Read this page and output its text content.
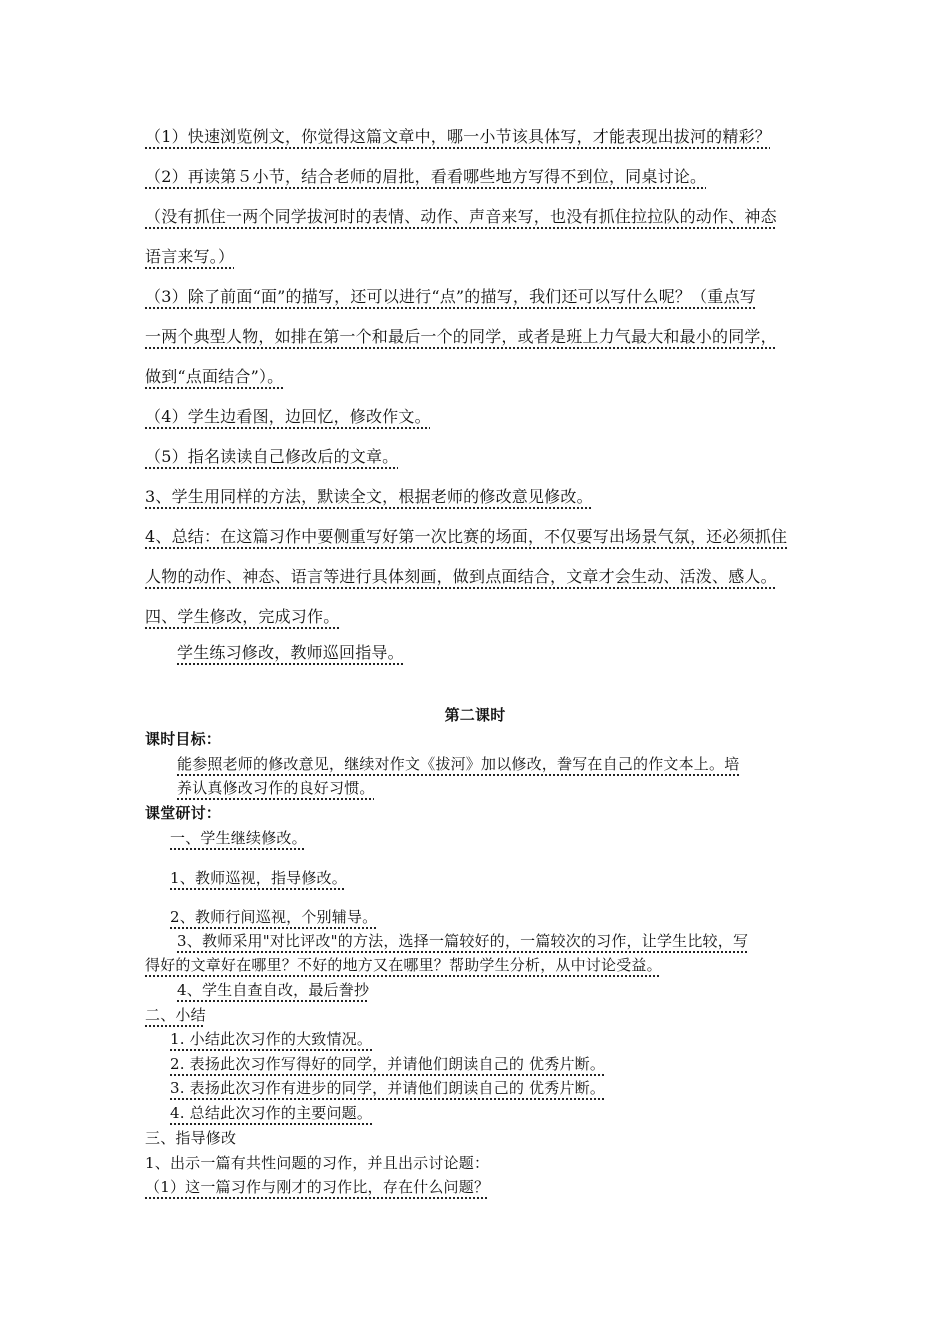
（1）快速浏览例文，你觉得这篇文章中，哪一小节该具体写，才能表现出拔河的精彩？
（2）再读第５小节，结合老师的眉批，看看哪些地方写得不到位，同桌讨论。
（没有抓住一两个同学拔河时的表情、动作、声音来写，也没有抓住拉拉队的动作、神态
语言来写。）
（3）除了前面“面”的描写，还可以进行“点”的描写，我们还可以写什么呢？（重点写
一两个典型人物，如排在第一个和最后一个的同学，或者是班上力气最大和最小的同学，
做到“点面结合”）。
（4）学生边看图，边回忆，修改作文。
（5）指名读读自己修改后的文章。
3、学生用同样的方法，默读全文，根据老师的修改意见修改。
4、总结：在这篇习作中要侧重写好第一次比赛的场面，不仅要写出场景气氛，还必须抓住
人物的动作、神态、语言等进行具体刻画，做到点面结合，文章才会生动、活泼、感人。
四、学生修改，完成习作。
学生练习修改，教师巡回指导。
第二课时
课时目标：
能参照老师的修改意见，继续对作文《拔河》加以修改，誊写在自己的作文本上。培
养认真修改习作的良好习惯。
课堂研讨：
一、学生继续修改。
1、教师巡视，指导修改。
2、教师行间巡视，个别辅导。
3、教师采用"对比评改"的方法，选择一篇较好的，一篇较次的习作，让学生比较，写
得好的文章好在哪里？不好的地方又在哪里？帮助学生分析，从中讨论受益。
4、学生自查自改，最后誊抄
二、小结
1. 小结此次习作的大致情况。
2. 表扬此次习作写得好的同学，并请他们朗读自己的 优秀片断。
3. 表扬此次习作有进步的同学，并请他们朗读自己的 优秀片断。
4. 总结此次习作的主要问题。
三、指导修改
1、出示一篇有共性问题的习作，并且出示讨论题：
（1）这一篇习作与刚才的习作比，存在什么问题？
